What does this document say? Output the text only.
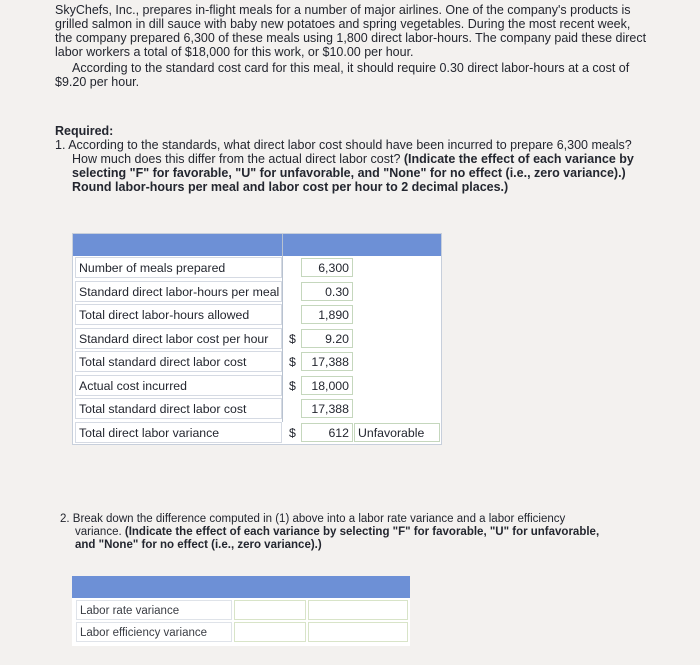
SkyChefs, Inc., prepares in-flight meals for a number of major airlines. One of the company's products is
grilled salmon in dill sauce with baby new potatoes and spring vegetables. During the most recent week,
the company prepared 6,300 of these meals using 1,800 direct labor-hours. The company paid these direct
labor workers a total of $18,000 for this work, or $10.00 per hour.
According to the standard cost card for this meal, it should require 0.30 direct labor-hours at a cost of
$9.20 per hour.
Required:
1. According to the standards, what direct labor cost should have been incurred to prepare 6,300 meals?
How much does this differ from the actual direct labor cost? (Indicate the effect of each variance by
selecting "F" for favorable, "U" for unfavorable, and "None" for no effect (i.e., zero variance).)
Round labor-hours per meal and labor cost per hour to 2 decimal places.)
Number of meals prepared	6,300
Standard direct labor-hours per meal	0.30
Total direct labor-hours allowed	1,890
Standard direct labor cost per hour	$	9.20
Total standard direct labor cost	$	17,388
Actual cost incurred	$	18,000
Total standard direct labor cost	17,388
Total direct labor variance	$	612 Unfavorable
2. Break down the difference computed in (1) above into a labor rate variance and a labor efficiency
variance. (Indicate the effect of each variance by selecting "F" for favorable, "U" for unfavorable,
and "None" for no effect (i.e., zero variance).)
Labor rate variance
Labor efficiency variance
